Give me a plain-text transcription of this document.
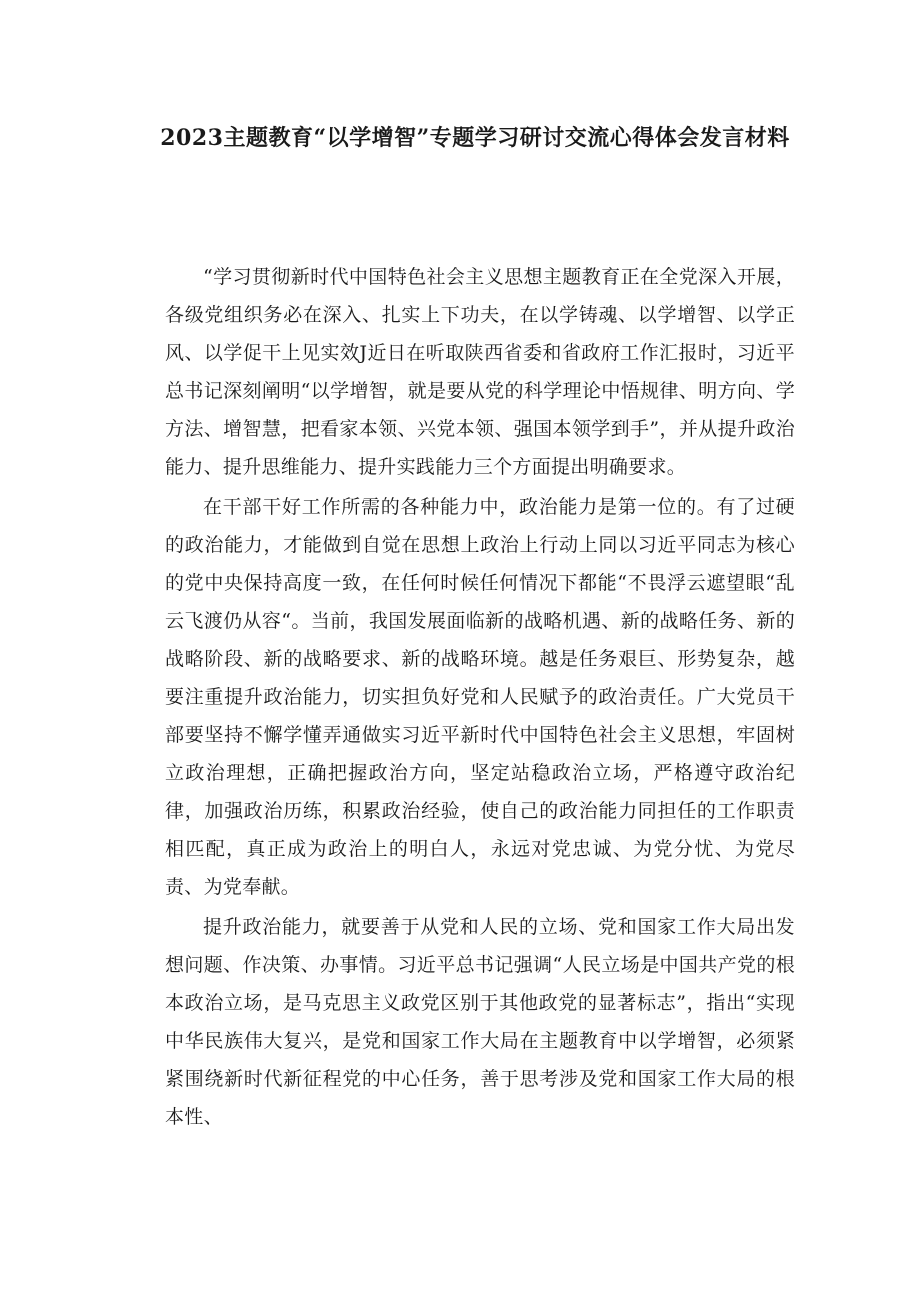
2023主题教育“以学增智”专题学习研讨交流心得体会发言材料

“学习贯彻新时代中国特色社会主义思想主题教育正在全党深入开展，各级党组织务必在深入、扎实上下功夫，在以学铸魂、以学增智、以学正风、以学促干上见实效J近日在听取陕西省委和省政府工作汇报时，习近平总书记深刻阐明“以学增智，就是要从党的科学理论中悟规律、明方向、学方法、增智慧，把看家本领、兴党本领、强国本领学到手”，并从提升政治能力、提升思维能力、提升实践能力三个方面提出明确要求。

在干部干好工作所需的各种能力中，政治能力是第一位的。有了过硬的政治能力，才能做到自觉在思想上政治上行动上同以习近平同志为核心的党中央保持高度一致，在任何时候任何情况下都能“不畏浮云遮望眼“乱云飞渡仍从容“。当前，我国发展面临新的战略机遇、新的战略任务、新的战略阶段、新的战略要求、新的战略环境。越是任务艰巨、形势复杂，越要注重提升政治能力，切实担负好党和人民赋予的政治责任。广大党员干部要坚持不懈学懂弄通做实习近平新时代中国特色社会主义思想，牢固树立政治理想，正确把握政治方向，坚定站稳政治立场，严格遵守政治纪律，加强政治历练，积累政治经验，使自己的政治能力同担任的工作职责相匹配，真正成为政治上的明白人，永远对党忠诚、为党分忧、为党尽责、为党奉献。

提升政治能力，就要善于从党和人民的立场、党和国家工作大局出发想问题、作决策、办事情。习近平总书记强调“人民立场是中国共产党的根本政治立场，是马克思主义政党区别于其他政党的显著标志”，指出“实现中华民族伟大复兴，是党和国家工作大局在主题教育中以学增智，必须紧紧围绕新时代新征程党的中心任务，善于思考涉及党和国家工作大局的根本性、
